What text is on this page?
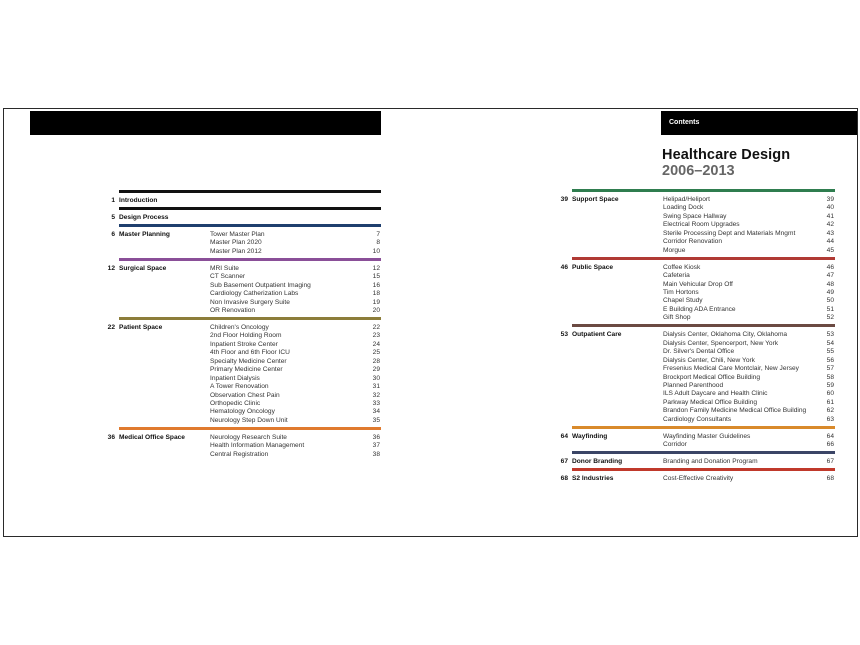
Contents
Healthcare Design
2006–2013
1 Introduction
5 Design Process
6 Master Planning	Tower Master Plan	7
Master Plan 2020	8
Master Plan 2012	10
12 Surgical Space	MRI Suite	12
CT Scanner	15
Sub Basement Outpatient Imaging	16
Cardiology Catherization Labs	18
Non Invasive Surgery Suite	19
OR Renovation	20
22 Patient Space	Children's Oncology	22
2nd Floor Holding Room	23
Inpatient Stroke Center	24
4th Floor and 6th Floor ICU	25
Specialty Medicine Center	28
Primary Medicine Center	29
Inpatient Dialysis	30
A Tower Renovation	31
Observation Chest Pain	32
Orthopedic Clinic	33
Hematology Oncology	34
Neurology Step Down Unit	35
36 Medical Office Space	Neurology Research Suite	36
Health Information Management	37
Central Registration	38
39 Support Space	Helipad/Heliport	39
Loading Dock	40
Swing Space Hallway	41
Electrical Room Upgrades	42
Sterile Processing Dept and Materials Mngmt	43
Corridor Renovation	44
Morgue	45
46 Public Space	Coffee Kiosk	46
Cafeteria	47
Main Vehicular Drop Off	48
Tim Hortons	49
Chapel Study	50
E Building ADA Entrance	51
Gift Shop	52
53 Outpatient Care	Dialysis Center, Oklahoma City, Oklahoma	53
Dialysis Center, Spencerport, New York	54
Dr. Silver's Dental Office	55
Dialysis Center, Chili, New York	56
Fresenius Medical Care Montclair, New Jersey	57
Brockport Medical Office Building	58
Planned Parenthood	59
ILS Adult Daycare and Health Clinic	60
Parkway Medical Office Building	61
Brandon Family Medicine Medical Office Building	62
Cardiology Consultants	63
64 Wayfinding	Wayfinding Master Guidelines	64
Corridor	66
67 Donor Branding	Branding and Donation Program	67
68 S2 Industries	Cost-Effective Creativity	68
